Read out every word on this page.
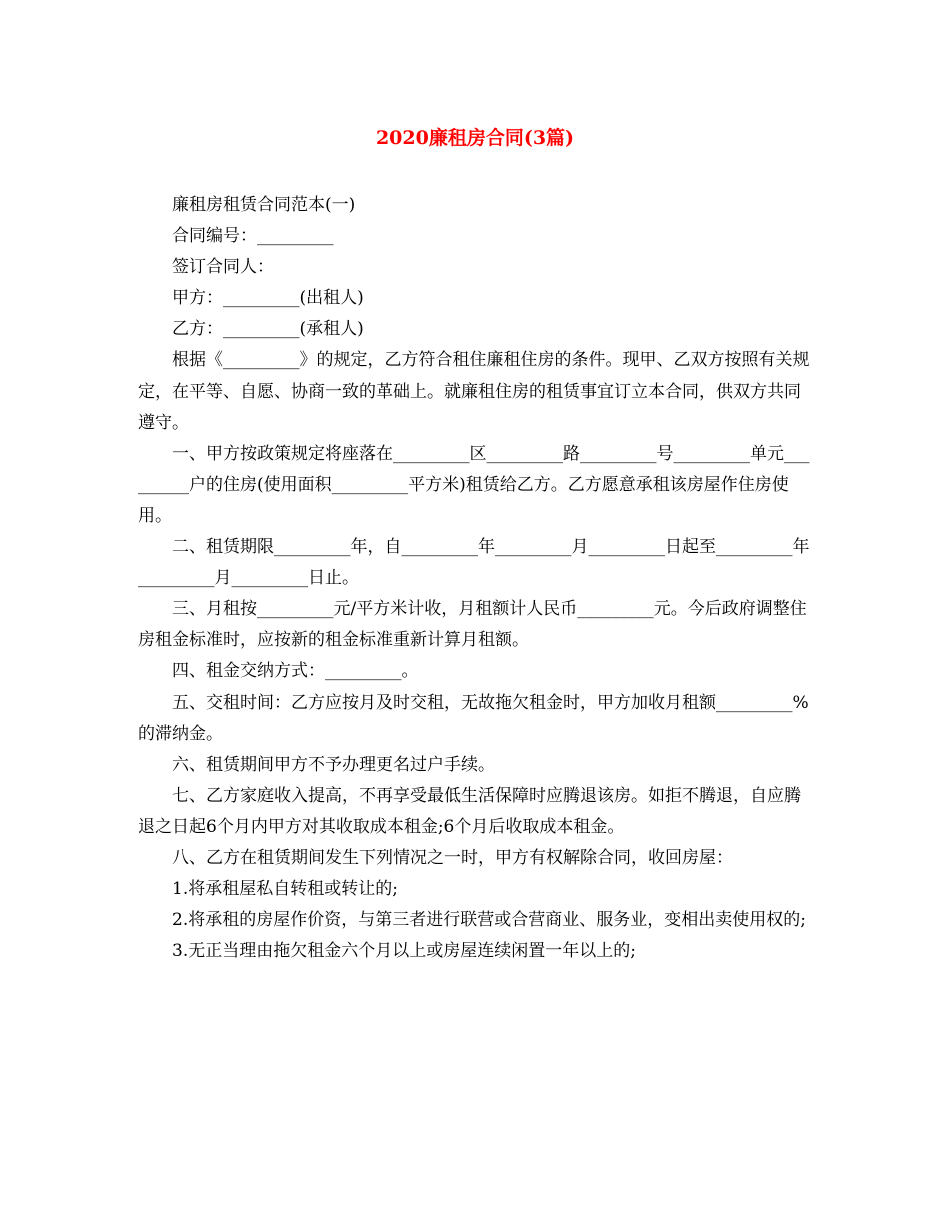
2020廉租房合同(3篇)

廉租房租赁合同范本(一)

合同编号：_________

签订合同人：

甲方：_________(出租人)

乙方：_________(承租人)

根据《_________》的规定，乙方符合租住廉租住房的条件。现甲、乙双方按照有关规定，在平等、自愿、协商一致的革础上。就廉租住房的租赁事宜订立本合同，供双方共同遵守。

一、甲方按政策规定将座落在_________区_________路_________号_________单元_________户的住房(使用面积_________平方米)租赁给乙方。乙方愿意承租该房屋作住房使用。

二、租赁期限_________年，自_________年_________月_________日起至_________年_________月_________日止。

三、月租按_________元/平方米计收，月租额计人民币_________元。今后政府调整住房租金标准时，应按新的租金标准重新计算月租额。

四、租金交纳方式：_________。

五、交租时间：乙方应按月及时交租，无故拖欠租金时，甲方加收月租额_________%的滞纳金。

六、租赁期间甲方不予办理更名过户手续。

七、乙方家庭收入提高，不再享受最低生活保障时应腾退该房。如拒不腾退，自应腾退之日起6个月内甲方对其收取成本租金;6个月后收取成本租金。

八、乙方在租赁期间发生下列情况之一时，甲方有权解除合同，收回房屋：

1.将承租屋私自转租或转让的;

2.将承租的房屋作价资，与第三者进行联营或合营商业、服务业，变相出卖使用权的;

3.无正当理由拖欠租金六个月以上或房屋连续闲置一年以上的;
